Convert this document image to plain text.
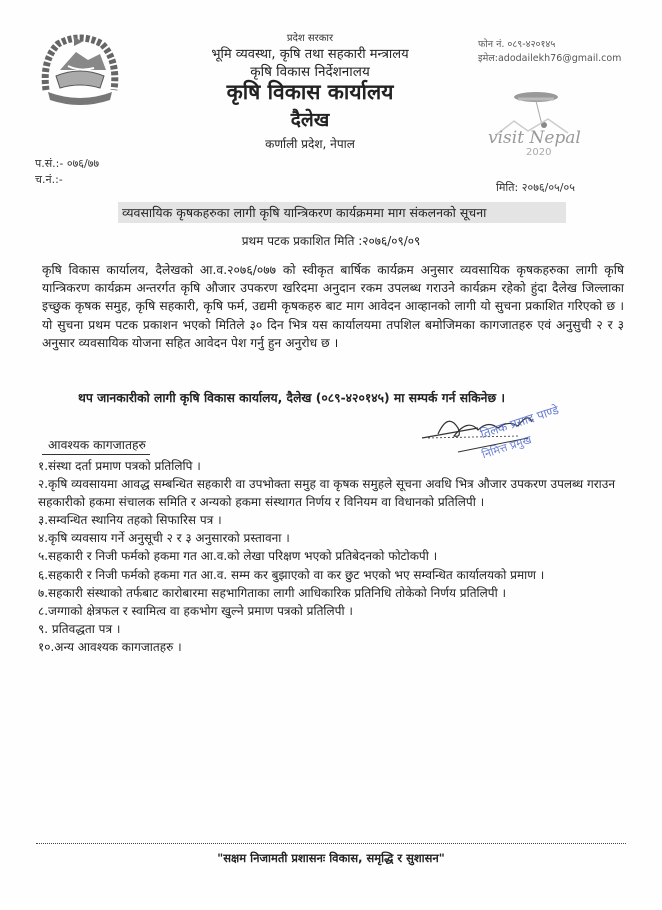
प्रदेश सरकार
भूमि व्यवस्था, कृषि तथा सहकारी मन्त्रालय
कृषि विकास निर्देशनालय
कृषि विकास कार्यालय
दैलेख
कर्णाली प्रदेश, नेपाल
फोन नं. ०८९-४२०१४५
इमेल:adodailekh76@gmail.com
visit Nepal
2020
प.सं.:- ०७६/७७
च.नं.:-
मिति: २०७६/०५/०५
व्यवसायिक कृषकहरुका लागी कृषि यान्त्रिकरण कार्यक्रममा माग संकलनको सूचना
प्रथम पटक प्रकाशित मिति :२०७६/०९/०९
कृषि विकास कार्यालय, दैलेखको आ.व.२०७६/०७७ को स्वीकृत बार्षिक कार्यक्रम अनुसार व्यवसायिक कृषकहरुका लागी कृषि यान्त्रिकरण कार्यक्रम अन्तरर्गत कृषि औजार उपकरण खरिदमा अनुदान रकम उपलब्ध गराउने कार्यक्रम रहेको हुंदा दैलेख जिल्लाका इच्छुक कृषक समुह, कृषि सहकारी, कृषि फर्म, उद्यमी कृषकहरु बाट माग आवेदन आव्हानको लागी यो सुचना प्रकाशित गरिएको छ । यो सुचना प्रथम पटक प्रकाशन भएको मितिले ३० दिन भित्र यस कार्यालयमा तपशिल बमोजिमका कागजातहरु एवं अनुसुची २ र ३ अनुसार व्यवसायिक योजना सहित आवेदन पेश गर्नु हुन अनुरोध छ ।
थप जानकारीको लागी कृषि विकास कार्यालय, दैलेख (०८९-४२०१४५) मा सम्पर्क गर्न सकिनेछ ।
तिलक प्रसाद पाण्डे
निमित्त प्रमुख
आवश्यक कागजातहरु
१.संस्था दर्ता प्रमाण पत्रको प्रतिलिपि ।
२.कृषि व्यवसायमा आवद्ध सम्बन्धित सहकारी वा उपभोक्ता समुह वा कृषक समुहले सूचना अवधि भित्र औजार उपकरण उपलब्ध गराउन सहकारीको हकमा संचालक समिति र अन्यको हकमा संस्थागत निर्णय र विनियम वा विधानको प्रतिलिपी ।
३.सम्वन्धित स्थानिय तहको सिफारिस पत्र ।
४.कृषि व्यवसाय गर्ने अनुसूची २ र ३ अनुसारको प्रस्तावना ।
५.सहकारी र निजी फर्मको हकमा गत आ.व.को लेखा परिक्षण भएको प्रतिबेदनको फोटोकपी ।
६.सहकारी र निजी फर्मको हकमा गत आ.व. सम्म कर बुझाएको वा कर छुट भएको भए सम्वन्धित कार्यालयको प्रमाण ।
७.सहकारी संस्थाको तर्फबाट कारोबारमा सहभागिताका लागी आधिकारिक प्रतिनिधि तोकेको निर्णय प्रतिलिपी ।
८.जग्गाको क्षेत्रफल र स्वामित्व वा हकभोग खुल्ने प्रमाण पत्रको प्रतिलिपी ।
९. प्रतिवद्धता पत्र ।
१०.अन्य आवश्यक कागजातहरु ।
"सक्षम निजामती प्रशासनः विकास, समृद्धि र सुशासन"
